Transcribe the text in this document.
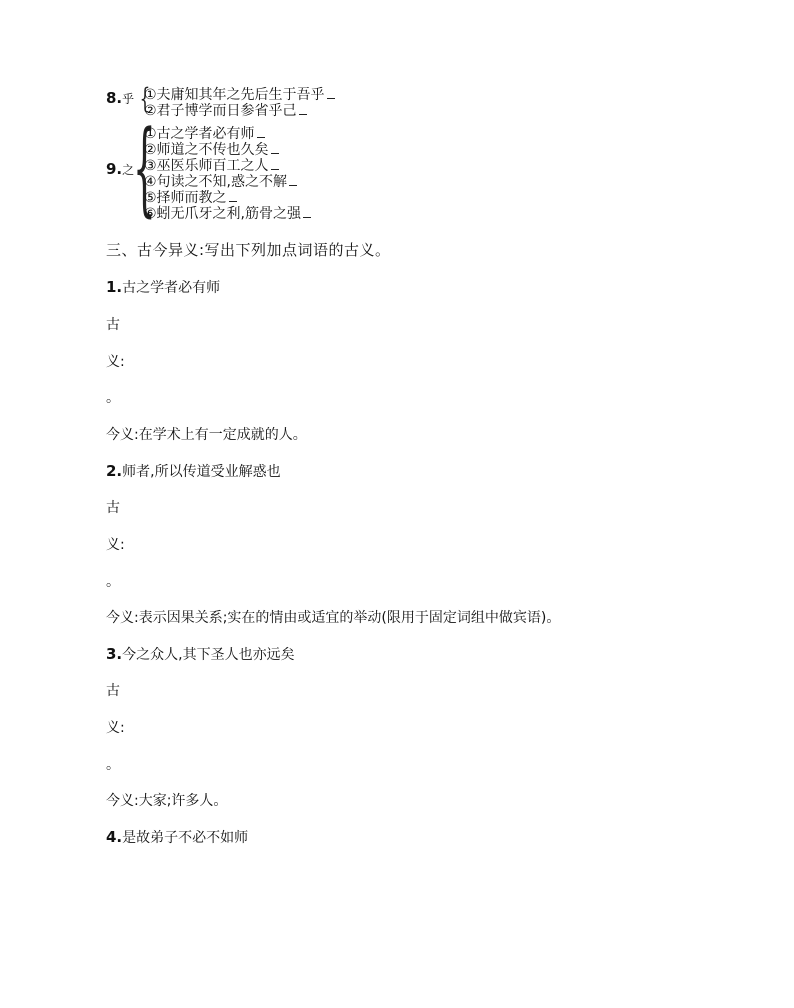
8.乎 {
①夫庸知其年之先后生于吾乎
②君子博学而日参省乎己
9.之
{
①古之学者必有师
②师道之不传也久矣
③巫医乐师百工之人
④句读之不知,惑之不解
⑤择师而教之
⑥蚓无爪牙之利,筋骨之强
三、古今异义:写出下列加点词语的古义。
1.古之学者必有师
古
义:
。
今义:在学术上有一定成就的人。
2.师者,所以传道受业解惑也
古
义:
。
今义:表示因果关系;实在的情由或适宜的举动(限用于固定词组中做宾语)。
3.今之众人,其下圣人也亦远矣
古
义:
。
今义:大家;许多人。
4.是故弟子不必不如师
